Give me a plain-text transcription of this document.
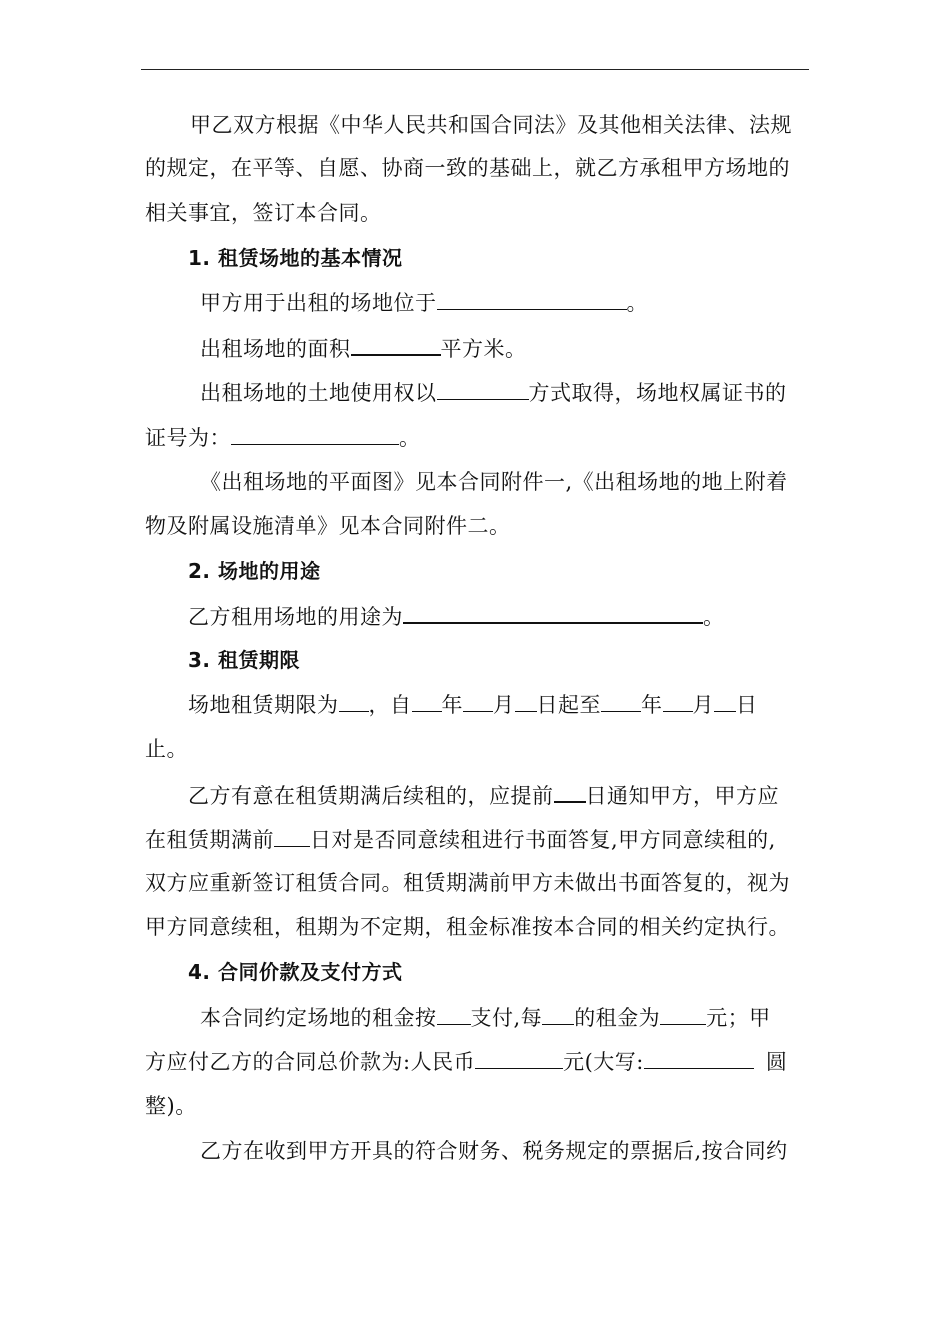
甲乙双方根据《中华人民共和国合同法》及其他相关法律、法规
的规定，在平等、自愿、协商一致的基础上，就乙方承租甲方场地的
相关事宜，签订本合同。
1. 租赁场地的基本情况
甲方用于出租的场地位于	。
出租场地的面积	平方米。
出租场地的土地使用权以	方式取得，场地权属证书的
证号为：	。
《出租场地的平面图》见本合同附件一,《出租场地的地上附着
物及附属设施清单》见本合同附件二。
2. 场地的用途
乙方租用场地的用途为	。
3. 租赁期限
场地租赁期限为 ，自 年 月 日起至 年 月 日
止。
乙方有意在租赁期满后续租的，应提前 日通知甲方，甲方应
在租赁期满前 日对是否同意续租进行书面答复,甲方同意续租的,
双方应重新签订租赁合同。租赁期满前甲方未做出书面答复的，视为
甲方同意续租，租期为不定期，租金标准按本合同的相关约定执行。
4. 合同价款及支付方式
本合同约定场地的租金按 支付,每 的租金为 元；甲
方应付乙方的合同总价款为:人民币	元(大写:	圆
整)。
乙方在收到甲方开具的符合财务、税务规定的票据后,按合同约
